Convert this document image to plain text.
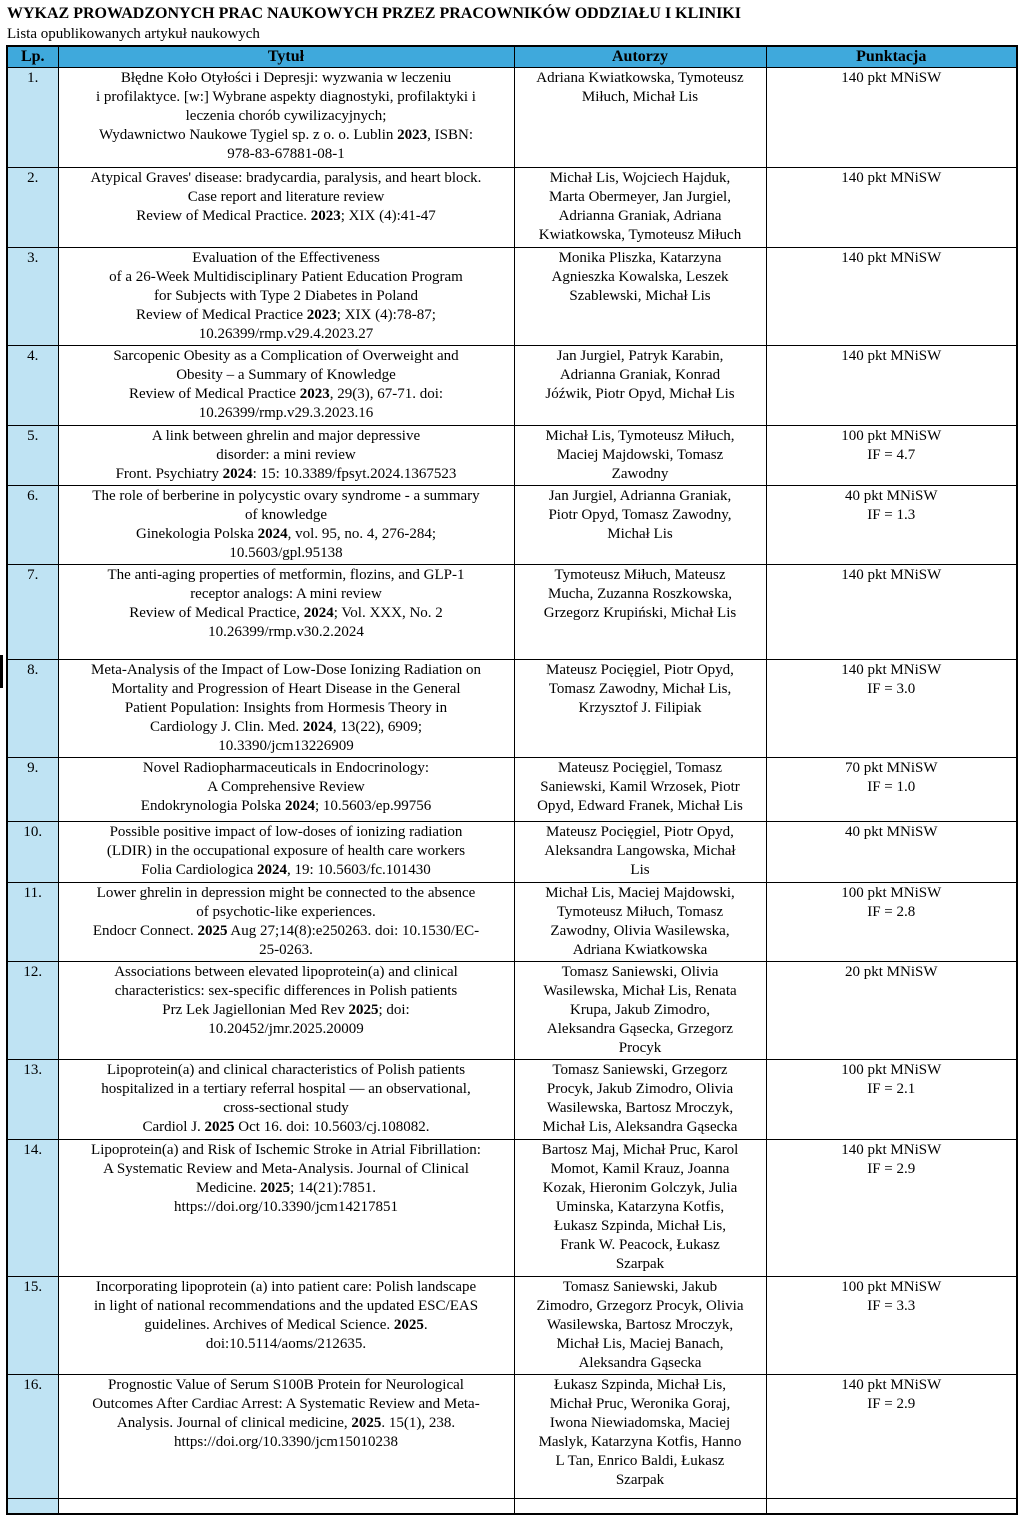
WYKAZ PROWADZONYCH PRAC NAUKOWYCH PRZEZ PRACOWNIKÓW ODDZIAŁU I KLINIKI
Lista opublikowanych artykuł naukowych
Lp.	Tytuł	Autorzy	Punktacja
1.	Błędne Koło Otyłości i Depresji: wyzwania w leczeniu
i profilaktyce. [w:] Wybrane aspekty diagnostyki, profilaktyki i
leczenia chorób cywilizacyjnych;
Wydawnictwo Naukowe Tygiel sp. z o. o. Lublin 2023, ISBN:
978-83-67881-08-1	Adriana Kwiatkowska, Tymoteusz
Miłuch, Michał Lis	140 pkt MNiSW
2.	Atypical Graves' disease: bradycardia, paralysis, and heart block.
Case report and literature review
Review of Medical Practice. 2023; XIX (4):41-47	Michał Lis, Wojciech Hajduk,
Marta Obermeyer, Jan Jurgiel,
Adrianna Graniak, Adriana
Kwiatkowska, Tymoteusz Miłuch	140 pkt MNiSW
3.	Evaluation of the Effectiveness
of a 26-Week Multidisciplinary Patient Education Program
for Subjects with Type 2 Diabetes in Poland
Review of Medical Practice 2023; XIX (4):78-87;
10.26399/rmp.v29.4.2023.27	Monika Pliszka, Katarzyna
Agnieszka Kowalska, Leszek
Szablewski, Michał Lis	140 pkt MNiSW
4.	Sarcopenic Obesity as a Complication of Overweight and
Obesity – a Summary of Knowledge
Review of Medical Practice 2023, 29(3), 67-71. doi:
10.26399/rmp.v29.3.2023.16	Jan Jurgiel, Patryk Karabin,
Adrianna Graniak, Konrad
Jóźwik, Piotr Opyd, Michał Lis	140 pkt MNiSW
5.	A link between ghrelin and major depressive
disorder: a mini review
Front. Psychiatry 2024: 15: 10.3389/fpsyt.2024.1367523	Michał Lis, Tymoteusz Miłuch,
Maciej Majdowski, Tomasz
Zawodny	100 pkt MNiSW
IF = 4.7
6.	The role of berberine in polycystic ovary syndrome - a summary
of knowledge
Ginekologia Polska 2024, vol. 95, no. 4, 276-284;
10.5603/gpl.95138	Jan Jurgiel, Adrianna Graniak,
Piotr Opyd, Tomasz Zawodny,
Michał Lis	40 pkt MNiSW
IF = 1.3
7.	The anti-aging properties of metformin, flozins, and GLP-1
receptor analogs: A mini review
Review of Medical Practice, 2024; Vol. XXX, No. 2
10.26399/rmp.v30.2.2024	Tymoteusz Miłuch, Mateusz
Mucha, Zuzanna Roszkowska,
Grzegorz Krupiński, Michał Lis	140 pkt MNiSW
8.	Meta-Analysis of the Impact of Low-Dose Ionizing Radiation on
Mortality and Progression of Heart Disease in the General
Patient Population: Insights from Hormesis Theory in
Cardiology J. Clin. Med. 2024, 13(22), 6909;
10.3390/jcm13226909	Mateusz Pocięgiel, Piotr Opyd,
Tomasz Zawodny, Michał Lis,
Krzysztof J. Filipiak	140 pkt MNiSW
IF = 3.0
9.	Novel Radiopharmaceuticals in Endocrinology:
A Comprehensive Review
Endokrynologia Polska 2024; 10.5603/ep.99756	Mateusz Pocięgiel, Tomasz
Saniewski, Kamil Wrzosek, Piotr
Opyd, Edward Franek, Michał Lis	70 pkt MNiSW
IF = 1.0
10.	Possible positive impact of low-doses of ionizing radiation
(LDIR) in the occupational exposure of health care workers
Folia Cardiologica 2024, 19: 10.5603/fc.101430	Mateusz Pocięgiel, Piotr Opyd,
Aleksandra Langowska, Michał
Lis	40 pkt MNiSW
11.	Lower ghrelin in depression might be connected to the absence
of psychotic-like experiences.
Endocr Connect. 2025 Aug 27;14(8):e250263. doi: 10.1530/EC-
25-0263.	Michał Lis, Maciej Majdowski,
Tymoteusz Miłuch, Tomasz
Zawodny, Olivia Wasilewska,
Adriana Kwiatkowska	100 pkt MNiSW
IF = 2.8
12.	Associations between elevated lipoprotein(a) and clinical
characteristics: sex-specific differences in Polish patients
Prz Lek Jagiellonian Med Rev 2025; doi:
10.20452/jmr.2025.20009	Tomasz Saniewski, Olivia
Wasilewska, Michał Lis, Renata
Krupa, Jakub Zimodro,
Aleksandra Gąsecka, Grzegorz
Procyk	20 pkt MNiSW
13.	Lipoprotein(a) and clinical characteristics of Polish patients
hospitalized in a tertiary referral hospital — an observational,
cross-sectional study
Cardiol J. 2025 Oct 16. doi: 10.5603/cj.108082.	Tomasz Saniewski, Grzegorz
Procyk, Jakub Zimodro, Olivia
Wasilewska, Bartosz Mroczyk,
Michał Lis, Aleksandra Gąsecka	100 pkt MNiSW
IF = 2.1
14.	Lipoprotein(a) and Risk of Ischemic Stroke in Atrial Fibrillation:
A Systematic Review and Meta-Analysis. Journal of Clinical
Medicine. 2025; 14(21):7851.
https://doi.org/10.3390/jcm14217851	Bartosz Maj, Michał Pruc, Karol
Momot, Kamil Krauz, Joanna
Kozak, Hieronim Golczyk, Julia
Uminska, Katarzyna Kotfis,
Łukasz Szpinda, Michał Lis,
Frank W. Peacock, Łukasz
Szarpak	140 pkt MNiSW
IF = 2.9
15.	Incorporating lipoprotein (a) into patient care: Polish landscape
in light of national recommendations and the updated ESC/EAS
guidelines. Archives of Medical Science. 2025.
doi:10.5114/aoms/212635.	Tomasz Saniewski, Jakub
Zimodro, Grzegorz Procyk, Olivia
Wasilewska, Bartosz Mroczyk,
Michał Lis, Maciej Banach,
Aleksandra Gąsecka	100 pkt MNiSW
IF = 3.3
16.	Prognostic Value of Serum S100B Protein for Neurological
Outcomes After Cardiac Arrest: A Systematic Review and Meta-
Analysis. Journal of clinical medicine, 2025. 15(1), 238.
https://doi.org/10.3390/jcm15010238	Łukasz Szpinda, Michał Lis,
Michał Pruc, Weronika Goraj,
Iwona Niewiadomska, Maciej
Maslyk, Katarzyna Kotfis, Hanno
L Tan, Enrico Baldi, Łukasz
Szarpak	140 pkt MNiSW
IF = 2.9
